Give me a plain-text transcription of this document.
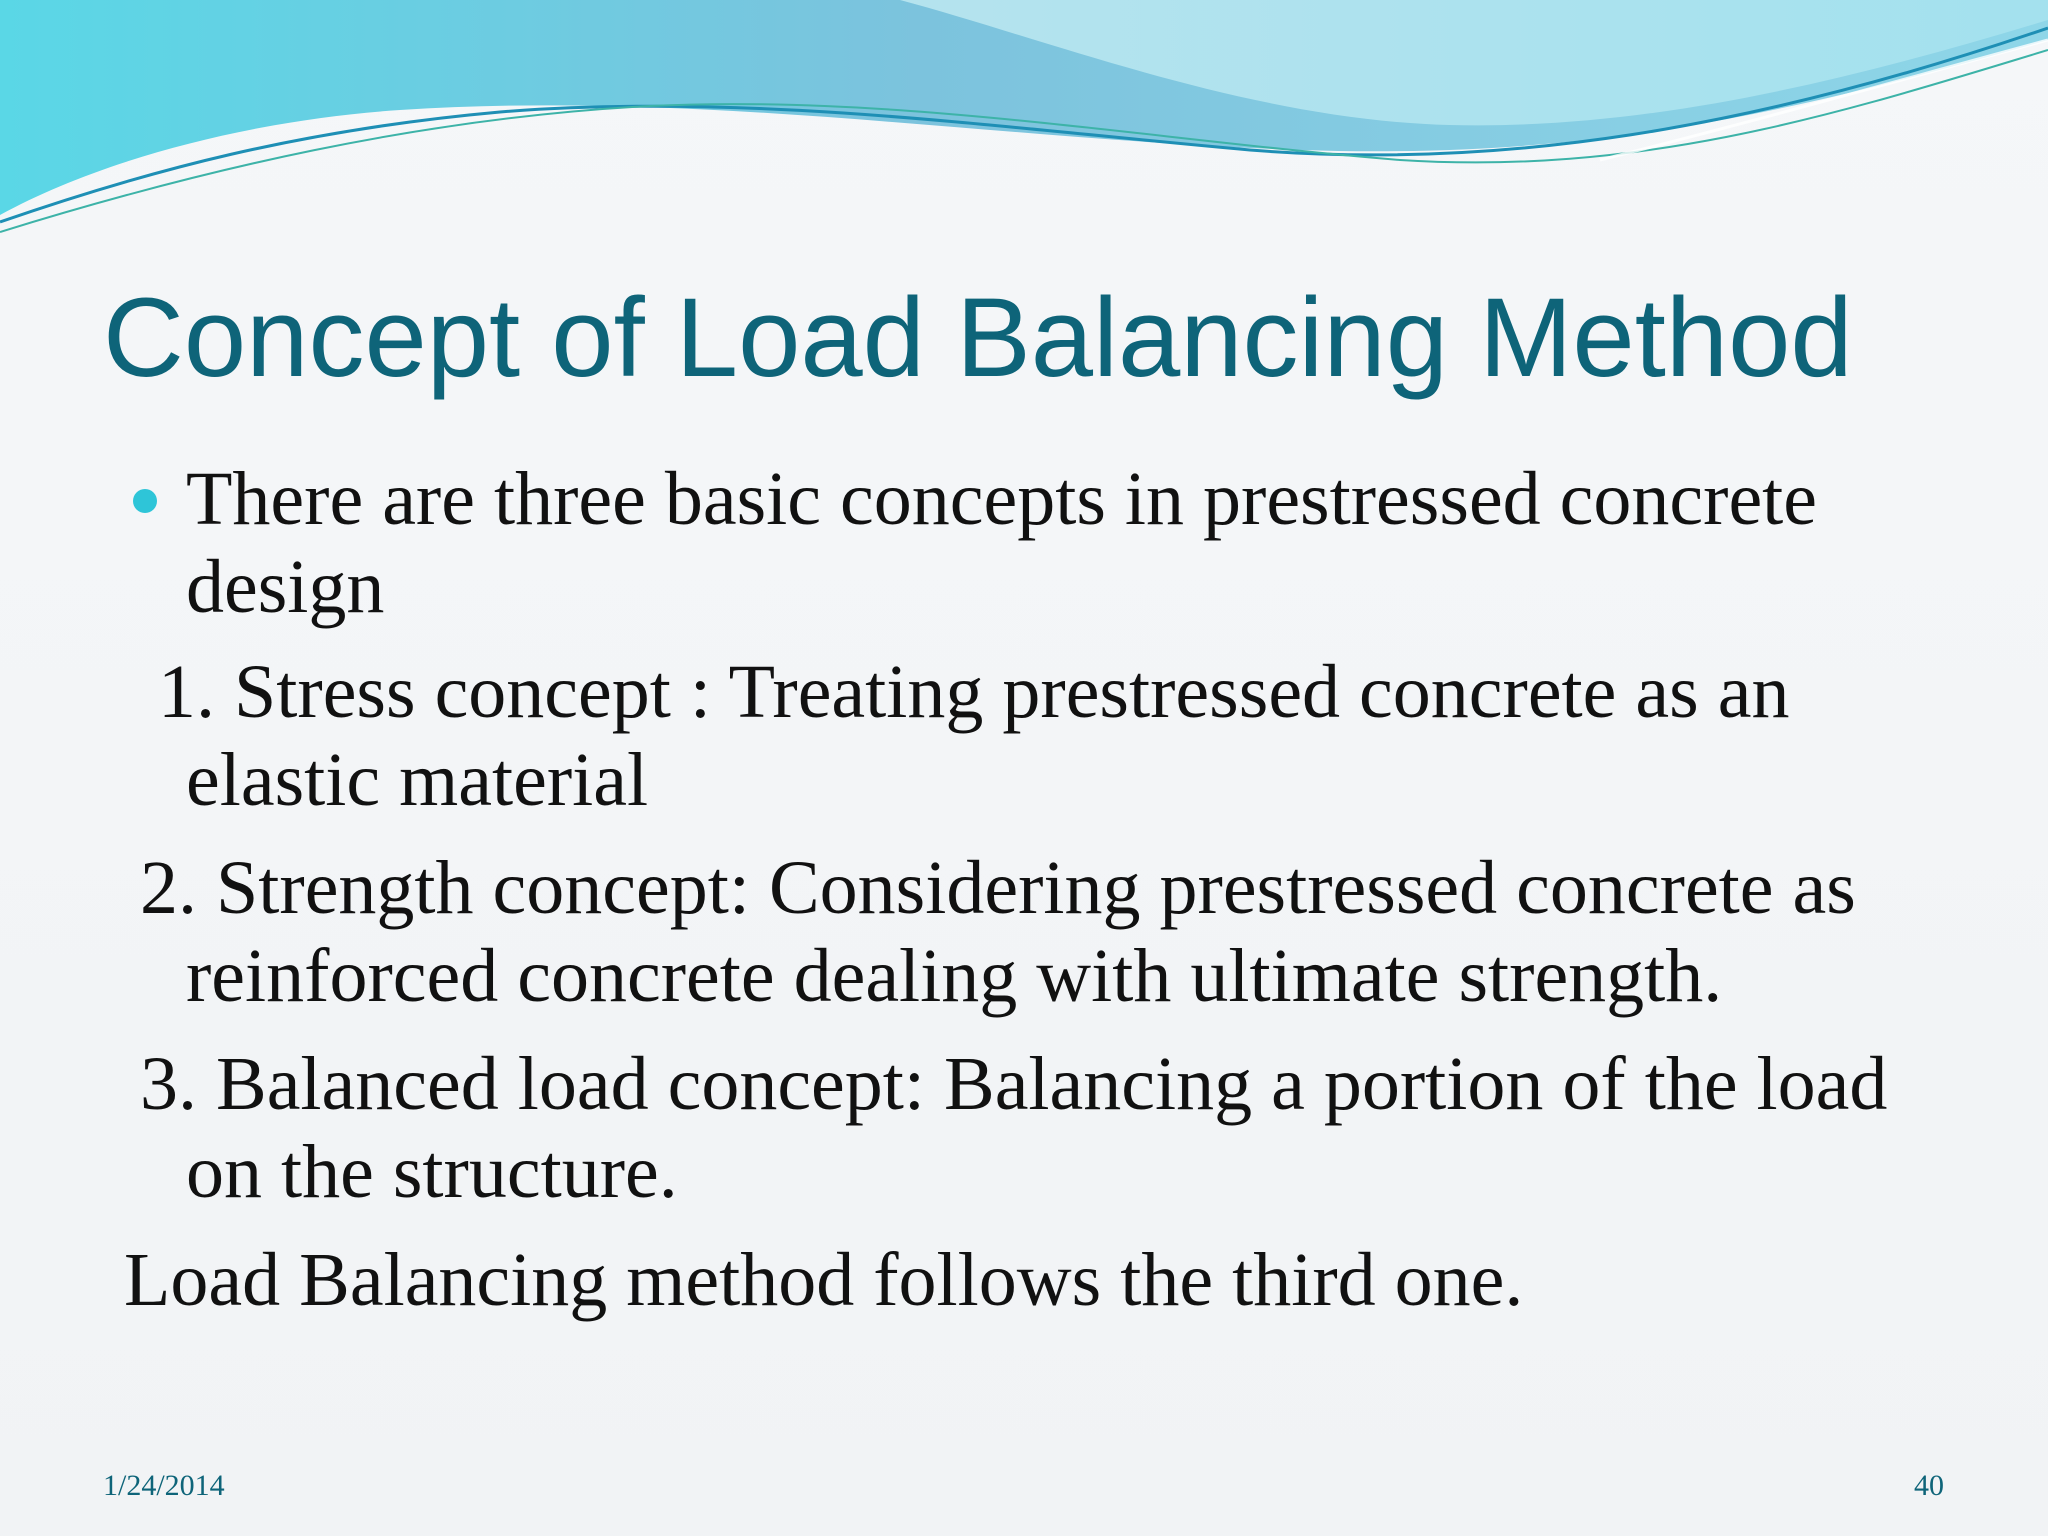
Concept of Load Balancing Method
There are three basic concepts in prestressed concrete
design
1. Stress concept : Treating prestressed concrete as an
elastic material
2. Strength concept: Considering prestressed concrete as
reinforced concrete dealing with ultimate strength.
3. Balanced load concept: Balancing a portion of the load
on the structure.
Load Balancing method follows the third one.
1/24/2014	40
